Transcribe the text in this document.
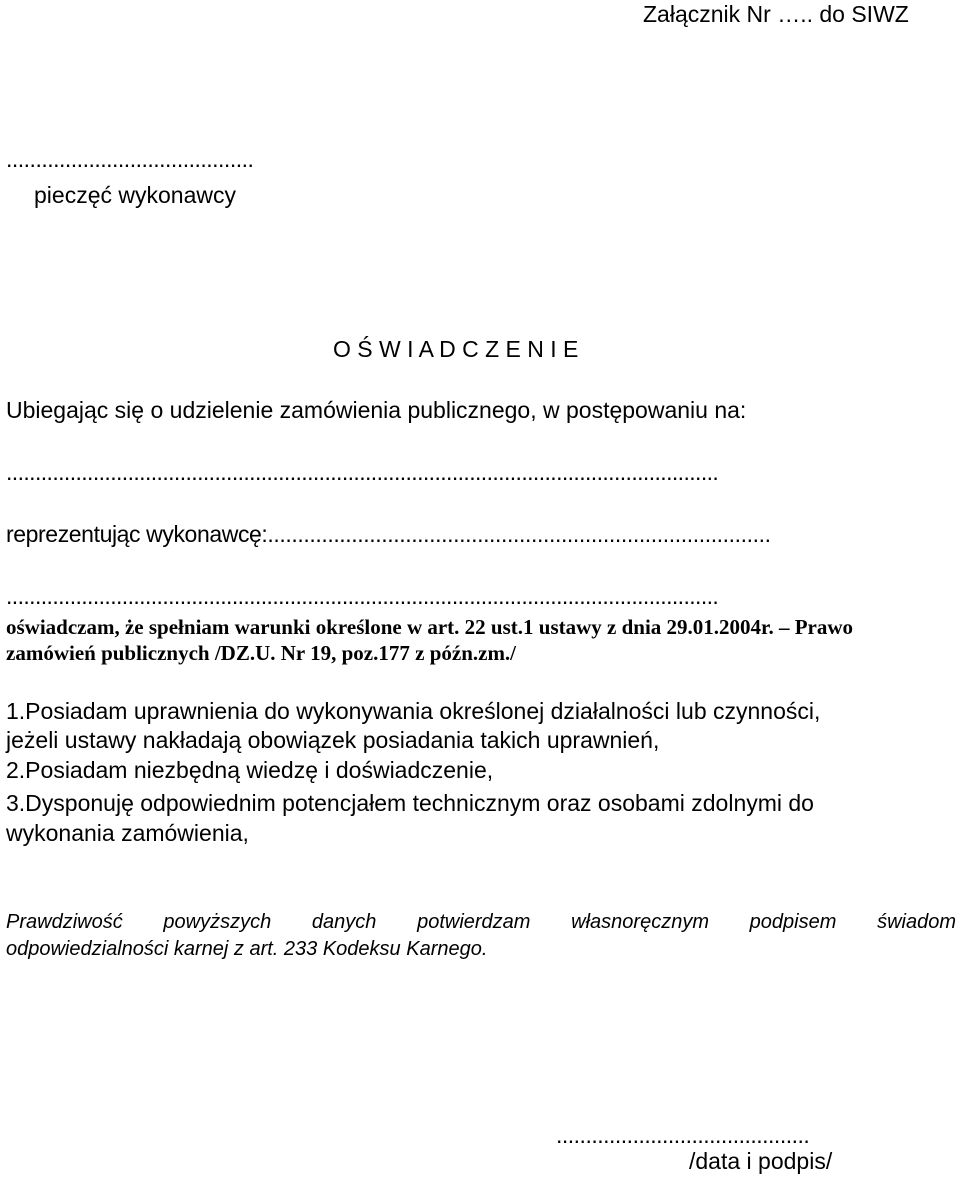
Załącznik Nr ….. do SIWZ
..........................................
pieczęć wykonawcy
O Ś W I A D C Z E N I E
Ubiegając się o udzielenie zamówienia publicznego, w postępowaniu na:
...........................................................................................................................
reprezentując wykonawcę:....................................................................................
...........................................................................................................................
oświadczam, że spełniam warunki określone w art. 22 ust.1 ustawy z dnia 29.01.2004r. – Prawo
zamówień publicznych /DZ.U. Nr 19, poz.177 z późn.zm./
1.Posiadam uprawnienia do wykonywania określonej działalności lub czynności,
jeżeli ustawy nakładają obowiązek posiadania takich uprawnień,
2.Posiadam niezbędną wiedzę i doświadczenie,
3.Dysponuję odpowiednim potencjałem technicznym oraz osobami zdolnymi do
wykonania zamówienia,
Prawdziwość powyższych danych potwierdzam własnoręcznym podpisem świadom
odpowiedzialności karnej z art. 233 Kodeksu Karnego.
...........................................
/data i podpis/
